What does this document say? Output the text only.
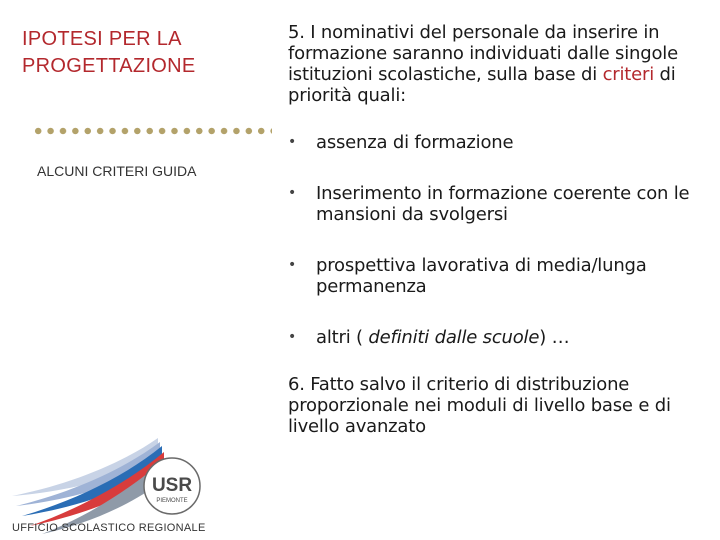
IPOTESI PER LA
PROGETTAZIONE
ALCUNI CRITERI GUIDA

5. I nominativi del personale da inserire in formazione saranno individuati dalle singole istituzioni scolastiche, sulla base di criteri di priorità quali:

• assenza di formazione
• Inserimento in formazione coerente con le mansioni da svolgersi
• prospettiva lavorativa di media/lunga permanenza
• altri ( definiti dalle scuole) …

6. Fatto salvo il criterio di distribuzione proporzionale nei moduli di livello base e di livello avanzato

USR
PIEMONTE
UFFICIO SCOLASTICO REGIONALE
